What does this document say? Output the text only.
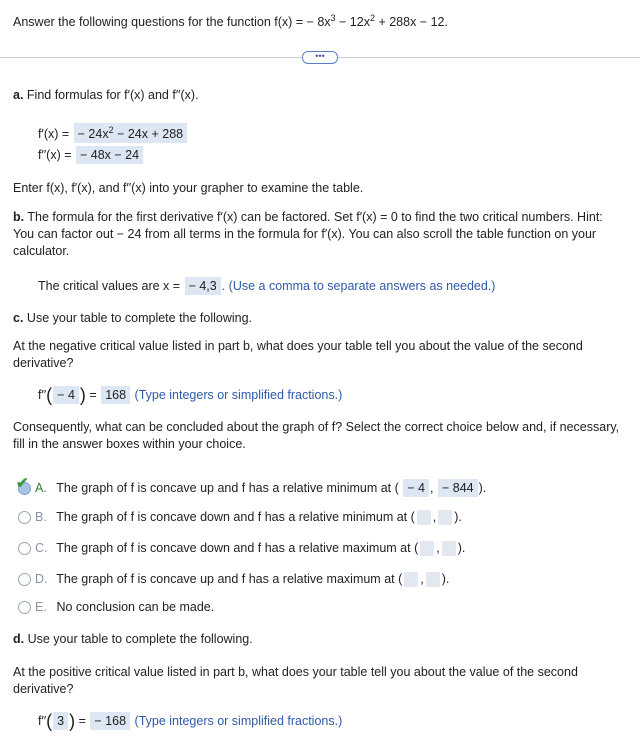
Answer the following questions for the function f(x) = − $8x^3 - 12x^2 + 288x - 12$.
•••
a. Find formulas for f′(x) and f′′(x).
f′(x) = − $24x^2 - 24x + 288$
f′′(x) = − 48x − 24
Enter f(x), f′(x), and f′′(x) into your grapher to examine the table.
b. The formula for the first derivative f′(x) can be factored. Set f′(x) = 0 to find the two critical numbers. Hint: You can factor out − 24 from all terms in the formula for f′(x). You can also scroll the table function on your calculator.
The critical values are x = − 4,3 . (Use a comma to separate answers as needed.)
c. Use your table to complete the following.
At the negative critical value listed in part b, what does your table tell you about the value of the second derivative?
f′′( − 4 ) = 168 (Type integers or simplified fractions.)
Consequently, what can be concluded about the graph of f? Select the correct choice below and, if necessary, fill in the answer boxes within your choice.
✔ A. The graph of f is concave up and f has a relative minimum at ( − 4 , − 844 ).
B. The graph of f is concave down and f has a relative minimum at ( , ).
C. The graph of f is concave down and f has a relative maximum at ( , ).
D. The graph of f is concave up and f has a relative maximum at ( , ).
E. No conclusion can be made.
d. Use your table to complete the following.
At the positive critical value listed in part b, what does your table tell you about the value of the second derivative?
f′′( 3 ) = − 168 (Type integers or simplified fractions.)
